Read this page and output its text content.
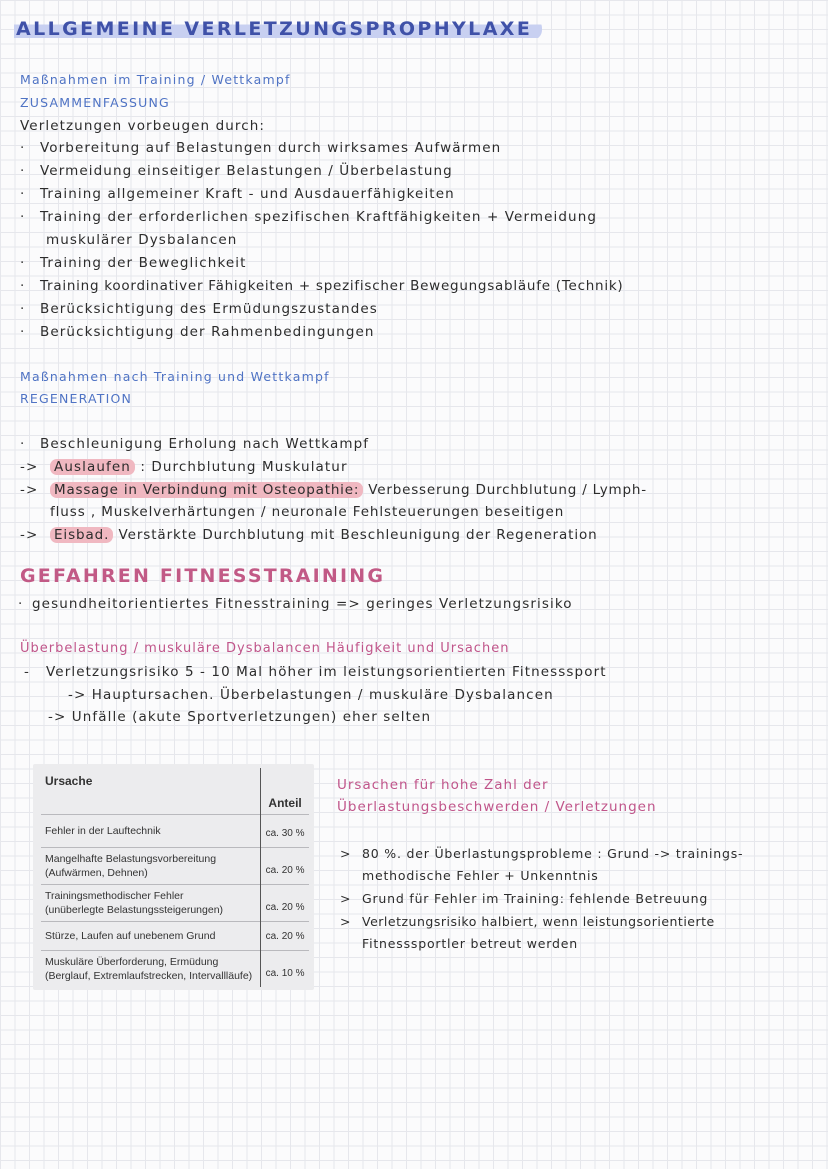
ALLGEMEINE VERLETZUNGSPROPHYLAXE
Maßnahmen im Training / Wettkampf
ZUSAMMENFASSUNG
Verletzungen vorbeugen durch:
· Vorbereitung auf Belastungen durch wirksames Aufwärmen
· Vermeidung einseitiger Belastungen / Überbelastung
· Training allgemeiner Kraft - und Ausdauerfähigkeiten
· Training der erforderlichen spezifischen Kraftfähigkeiten + Vermeidung
muskulärer Dysbalancen
· Training der Beweglichkeit
· Training koordinativer Fähigkeiten + spezifischer Bewegungsabläufe (Technik)
· Berücksichtigung des Ermüdungszustandes
· Berücksichtigung der Rahmenbedingungen
Maßnahmen nach Training und Wettkampf
REGENERATION
· Beschleunigung Erholung nach Wettkampf
-> Auslaufen : Durchblutung Muskulatur
-> Massage in Verbindung mit Osteopathie: Verbesserung Durchblutung / Lymph-
fluss , Muskelverhärtungen / neuronale Fehlsteuerungen beseitigen
-> Eisbad. Verstärkte Durchblutung mit Beschleunigung der Regeneration
GEFAHREN FITNESSTRAINING
· gesundheitorientiertes Fitnesstraining => geringes Verletzungsrisiko
Überbelastung / muskuläre Dysbalancen Häufigkeit und Ursachen
- Verletzungsrisiko 5 - 10 Mal höher im leistungsorientierten Fitnesssport
-> Hauptursachen. Überbelastungen / muskuläre Dysbalancen
-> Unfälle (akute Sportverletzungen) eher selten
Ursache	Anteil
Fehler in der Lauftechnik	ca. 30 %
Mangelhafte Belastungsvorbereitung
(Aufwärmen, Dehnen)	ca. 20 %
Trainingsmethodischer Fehler
(unüberlegte Belastungssteigerungen)	ca. 20 %
Stürze, Laufen auf unebenem Grund	ca. 20 %
Muskuläre Überforderung, Ermüdung
(Berglauf, Extremlaufstrecken, Intervallläufe)	ca. 10 %
Ursachen für hohe Zahl der
Überlastungsbeschwerden / Verletzungen
> 80 %. der Überlastungsprobleme : Grund -> trainings-
methodische Fehler + Unkenntnis
> Grund für Fehler im Training: fehlende Betreuung
> Verletzungsrisiko halbiert, wenn leistungsorientierte
Fitnesssportler betreut werden
